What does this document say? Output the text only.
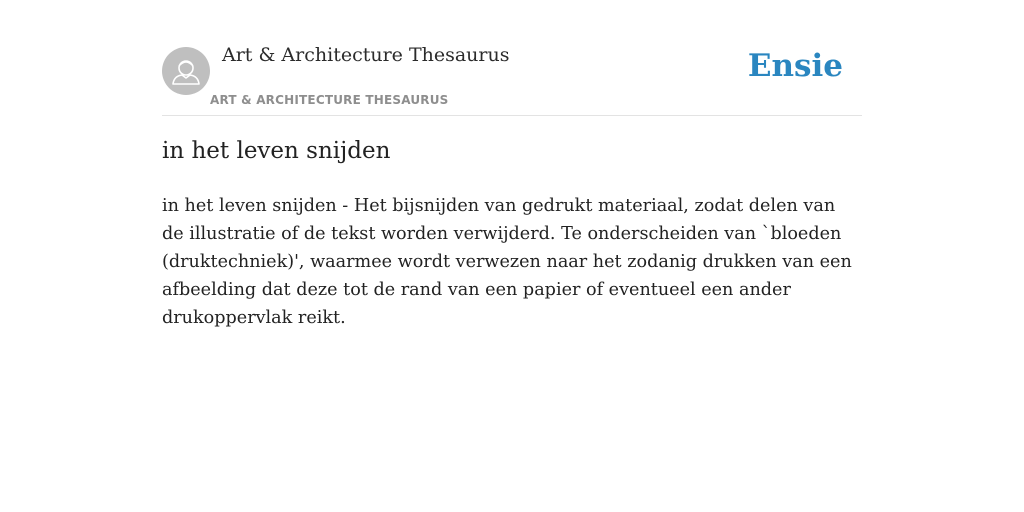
Art & Architecture Thesaurus
ART & ARCHITECTURE THESAURUS
Ensie
in het leven snijden

in het leven snijden - Het bijsnijden van gedrukt materiaal, zodat delen van de illustratie of de tekst worden verwijderd. Te onderscheiden van `bloeden (druktechniek)', waarmee wordt verwezen naar het zodanig drukken van een afbeelding dat deze tot de rand van een papier of eventueel een ander drukoppervlak reikt.
